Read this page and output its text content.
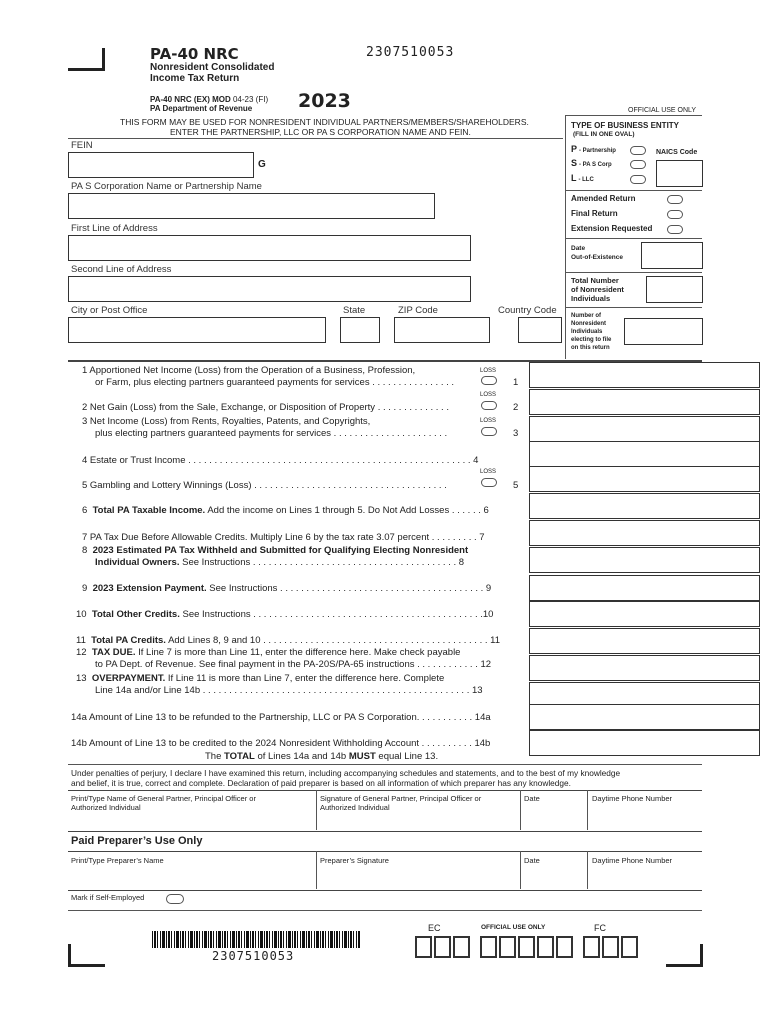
2307510053
PA-40 NRC
Nonresident Consolidated
Income Tax Return
PA-40 NRC (EX) MOD 04-23 (FI)
PA Department of Revenue 2023	OFFICIAL USE ONLY
THIS FORM MAY BE USED FOR NONRESIDENT INDIVIDUAL PARTNERS/MEMBERS/SHAREHOLDERS.
ENTER THE PARTNERSHIP, LLC OR PA S CORPORATION NAME AND FEIN.
FEIN
G
PA S Corporation Name or Partnership Name
First Line of Address
Second Line of Address
City or Post Office	State	ZIP Code	Country Code
TYPE OF BUSINESS ENTITY
(FILL IN ONE OVAL)
P - Partnership	NAICS Code
S - PA S Corp
L - LLC
Amended Return
Final Return
Extension Requested
Date
Out-of-Existence
Total Number
of Nonresident
Individuals
Number of
Nonresident
Individuals
electing to file
on this return
1 Apportioned Net Income (Loss) from the Operation of a Business, Profession,
or Farm, plus electing partners guaranteed payments for services . . . . . . . . . . . . . . . .
LOSS
1
LOSS
2 Net Gain (Loss) from the Sale, Exchange, or Disposition of Property . . . . . . . . . . . . . .	2
3 Net Income (Loss) from Rents, Royalties, Patents, and Copyrights,	LOSS
plus electing partners guaranteed payments for services . . . . . . . . . . . . . . . . . . . . . .	3
4 Estate or Trust Income . . . . . . . . . . . . . . . . . . . . . . . . . . . . . . . . . . . . . . . . . . . . . . . . . . . . . . 4
LOSS
5 Gambling and Lottery Winnings (Loss) . . . . . . . . . . . . . . . . . . . . . . . . . . . . . . . . . . . . .	5
6 Total PA Taxable Income. Add the income on Lines 1 through 5. Do Not Add Losses . . . . . . 6
7 PA Tax Due Before Allowable Credits. Multiply Line 6 by the tax rate 3.07 percent . . . . . . . . . 7
8 2023 Estimated PA Tax Withheld and Submitted for Qualifying Electing Nonresident
Individual Owners. See Instructions . . . . . . . . . . . . . . . . . . . . . . . . . . . . . . . . . . . . . . . 8
9 2023 Extension Payment. See Instructions . . . . . . . . . . . . . . . . . . . . . . . . . . . . . . . . . . . . . . . 9
10 Total Other Credits. See Instructions . . . . . . . . . . . . . . . . . . . . . . . . . . . . . . . . . . . . . . . . . . . .10
11 Total PA Credits. Add Lines 8, 9 and 10 . . . . . . . . . . . . . . . . . . . . . . . . . . . . . . . . . . . . . . . . . . . 11
12 TAX DUE. If Line 7 is more than Line 11, enter the difference here. Make check payable
to PA Dept. of Revenue. See final payment in the PA-20S/PA-65 instructions . . . . . . . . . . . . 12
13 OVERPAYMENT. If Line 11 is more than Line 7, enter the difference here. Complete
Line 14a and/or Line 14b . . . . . . . . . . . . . . . . . . . . . . . . . . . . . . . . . . . . . . . . . . . . . . . . . . . 13
14a Amount of Line 13 to be refunded to the Partnership, LLC or PA S Corporation. . . . . . . . . . . 14a
14b Amount of Line 13 to be credited to the 2024 Nonresident Withholding Account . . . . . . . . . . 14b
The TOTAL of Lines 14a and 14b MUST equal Line 13.
Under penalties of perjury, I declare I have examined this return, including accompanying schedules and statements, and to the best of my knowledge
and belief, it is true, correct and complete. Declaration of paid preparer is based on all information of which preparer has any knowledge.
Print/Type Name of General Partner, Principal Officer or
Authorized Individual
Signature of General Partner, Principal Officer or
Authorized Individual
Date	Daytime Phone Number
Paid Preparer’s Use Only
Print/Type Preparer’s Name	Preparer’s Signature	Date	Daytime Phone Number
Mark if Self-Employed
2307510053
EC	OFFICIAL USE ONLY	FC
